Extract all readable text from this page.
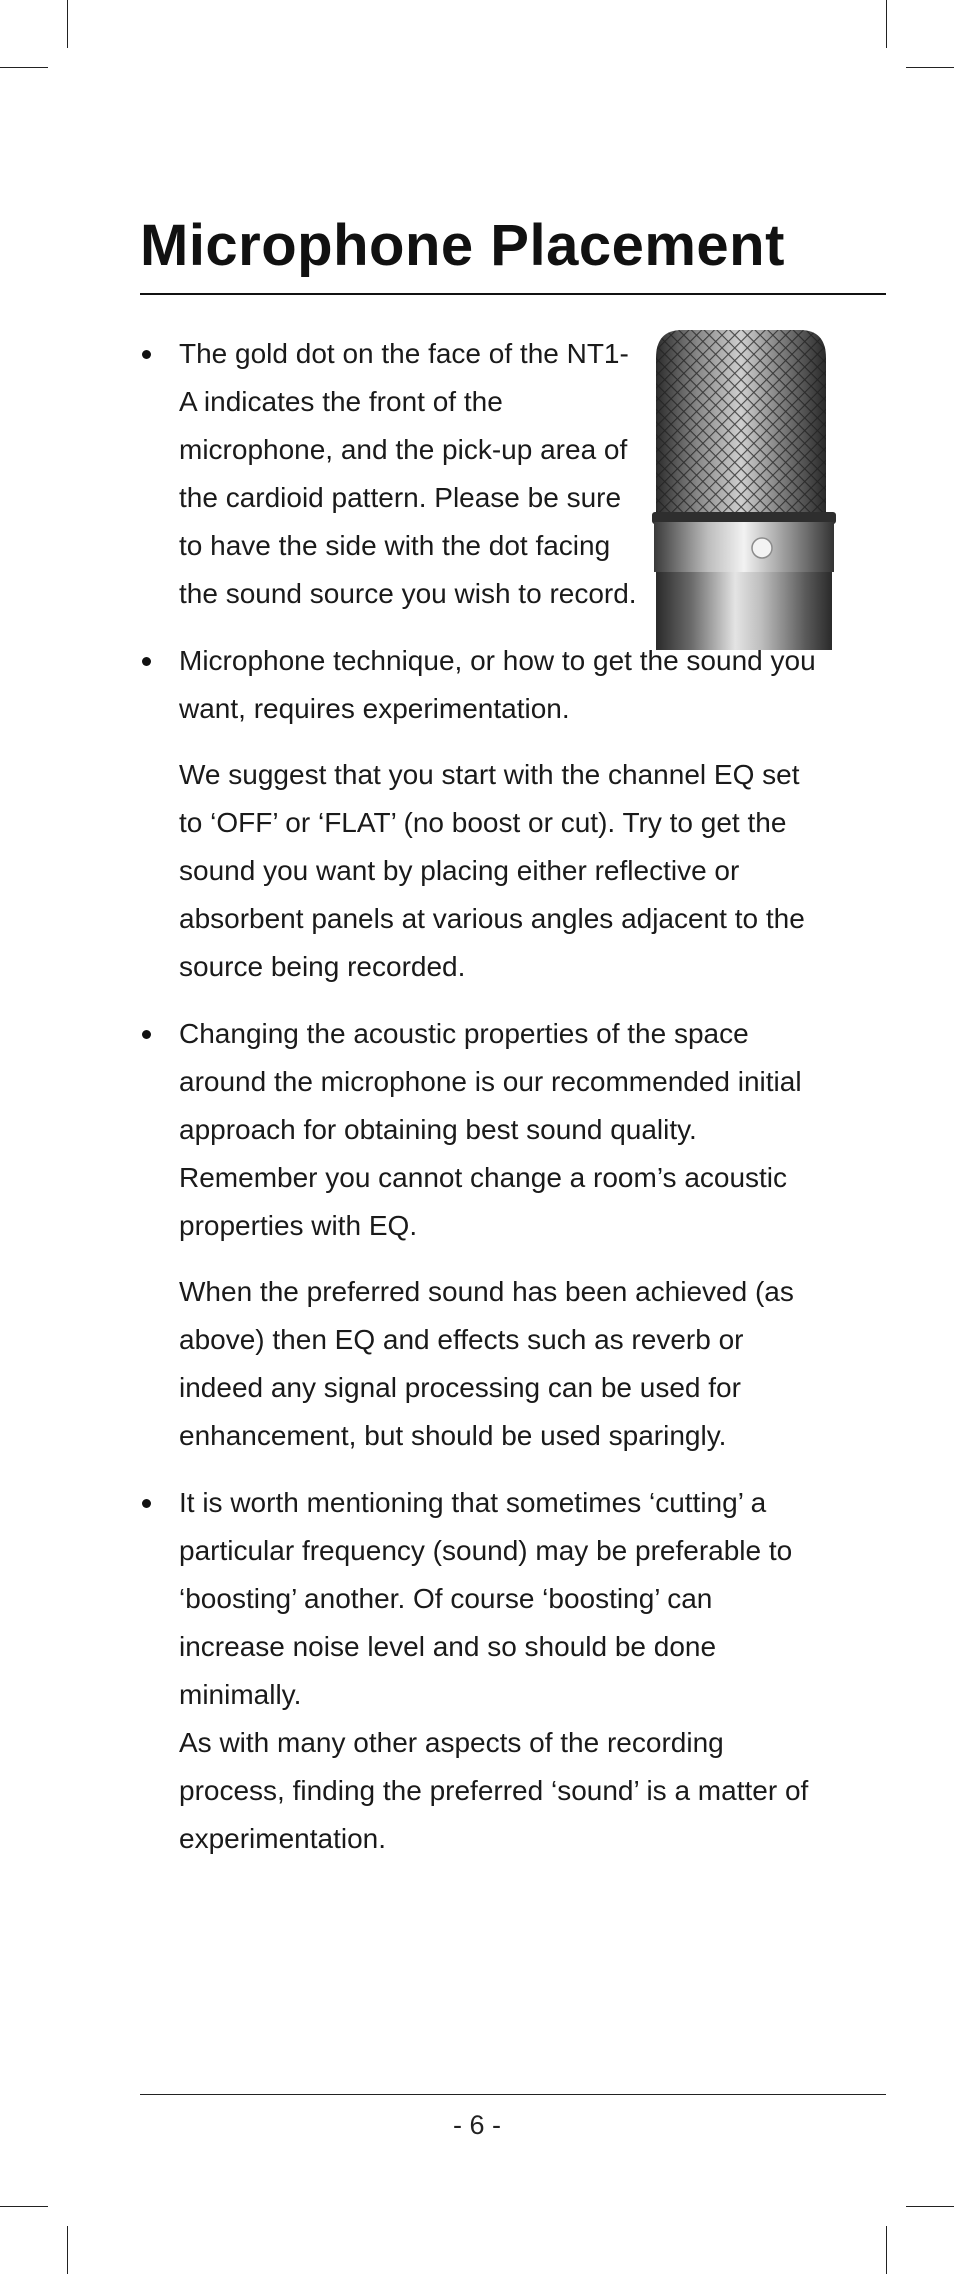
Microphone Placement

The gold dot on the face of the NT1-A indicates the front of the microphone, and the pick-up area of the cardioid pattern. Please be sure to have the side with the dot facing the sound source you wish to record.

Microphone technique, or how to get the sound you want, requires experimentation.

We suggest that you start with the channel EQ set to ‘OFF’ or ‘FLAT’ (no boost or cut). Try to get the sound you want by placing either reflective or absorbent panels at various angles adjacent to the source being recorded.

Changing the acoustic properties of the space around the microphone is our recommended initial approach for obtaining best sound quality. Remember you cannot change a room’s acoustic properties with EQ.

When the preferred sound has been achieved (as above) then EQ and effects such as reverb or indeed any signal processing can be used for enhancement, but should be used sparingly.

It is worth mentioning that sometimes ‘cutting’ a particular frequency (sound) may be preferable to ‘boosting’ another. Of course ‘boosting’ can increase noise level and so should be done minimally.

As with many other aspects of the recording process, finding the preferred ‘sound’ is a matter of experimentation.

- 6 -
